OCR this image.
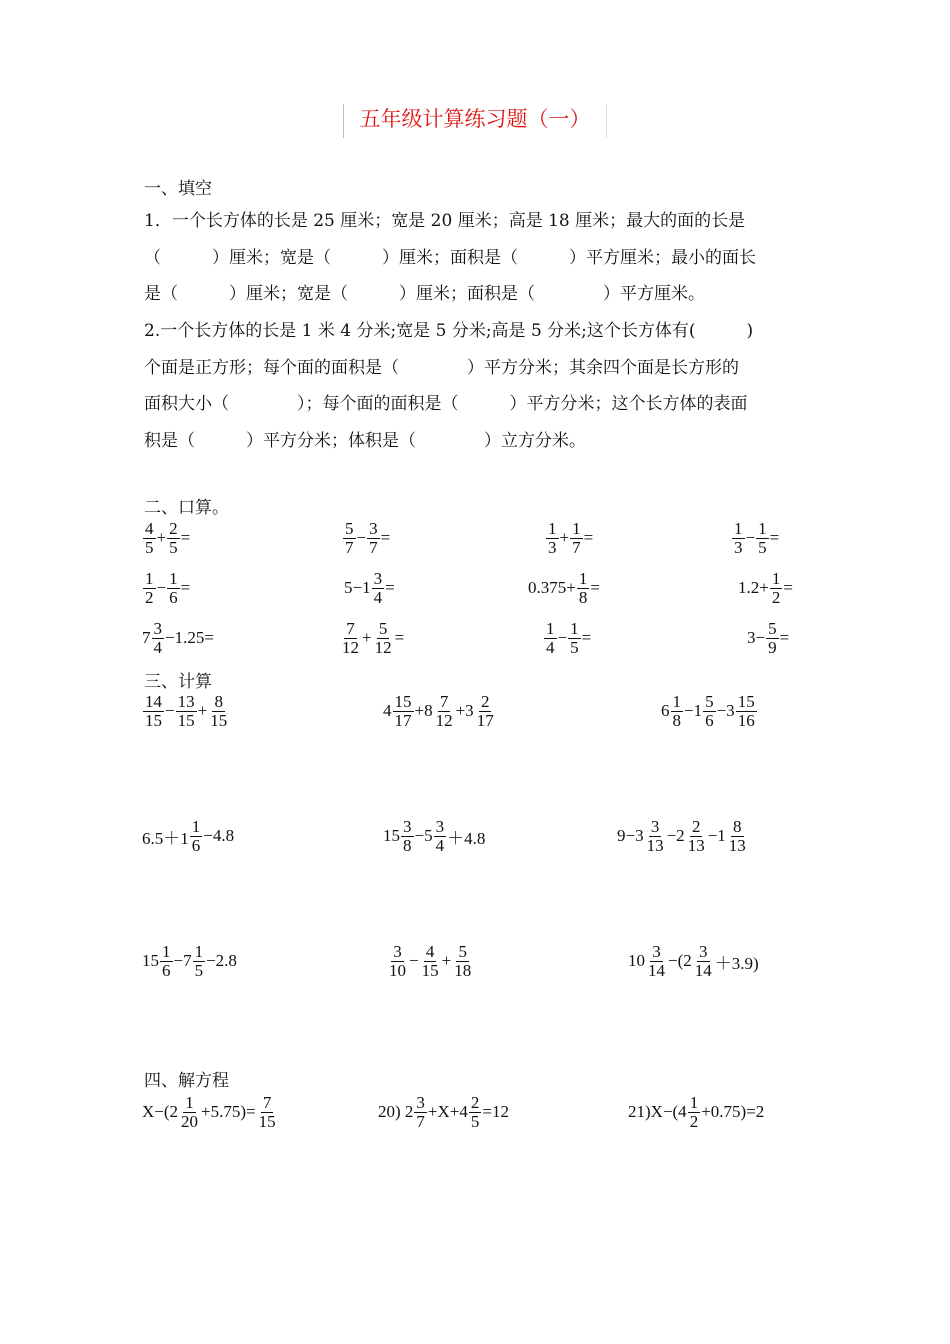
五年级计算练习题（一）
一、填空
1．一个长方体的长是 25 厘米；宽是 20 厘米；高是 18 厘米；最大的面的长是
（　　　）厘米；宽是（　　　）厘米；面积是（　　　）平方厘米；最小的面长
是（　　　）厘米；宽是（　　　）厘米；面积是（　　　　）平方厘米。
2.一个长方体的长是 1 米 4 分米;宽是 5 分米;高是 5 分米;这个长方体有(　　　)
个面是正方形；每个面的面积是（　　　　）平方分米；其余四个面是长方形的
面积大小（　　　　）；每个面的面积是（　　　）平方分米；这个长方体的表面
积是（　　　）平方分米；体积是（　　　　）立方分米。
二、口算。
$\frac{4}{5} + \frac{2}{5}$ =	$\frac{5}{7} - \frac{3}{7}$ =	$\frac{1}{3} + \frac{1}{7}$ =	$\frac{1}{3} - \frac{1}{5}$ =
$\frac{1}{2} - \frac{1}{6}$ =	$5-1 \frac{3}{4}$ =	$0.375+ \frac{1}{8}$ =	$1.2+ \frac{1}{2}$ =
$7 \frac{3}{4} -1.25=$	$\frac{7}{12} + \frac{5}{12}$ =	$\frac{1}{4} - \frac{1}{5}$ =	$3- \frac{5}{9}$ =
三、计算
$\frac{14}{15} - \frac{13}{15} + \frac{8}{15}$	$4 \frac{15}{17} +8 \frac{7}{12} +3 \frac{2}{17}$	$6 \frac{1}{8} -1 \frac{5}{6} -3 \frac{15}{16}$
$6.5+1 \frac{1}{6} -4.8$	$15 \frac{3}{8} -5 \frac{3}{4} +4.8$	$9-3 \frac{3}{13} -2 \frac{2}{13} -1 \frac{8}{13}$
$15 \frac{1}{6} -7 \frac{1}{5} -2.8$	$\frac{3}{10} - \frac{4}{15} + \frac{5}{18}$	$10 \frac{3}{14} -(2 \frac{3}{14} +3.9)$
四、解方程
$X-(2 \frac{1}{20} +5.75)= \frac{7}{15}$	20) $2 \frac{3}{7} +X+4 \frac{2}{5} =12$	$21)X-(4 \frac{1}{2} +0.75)=2$
